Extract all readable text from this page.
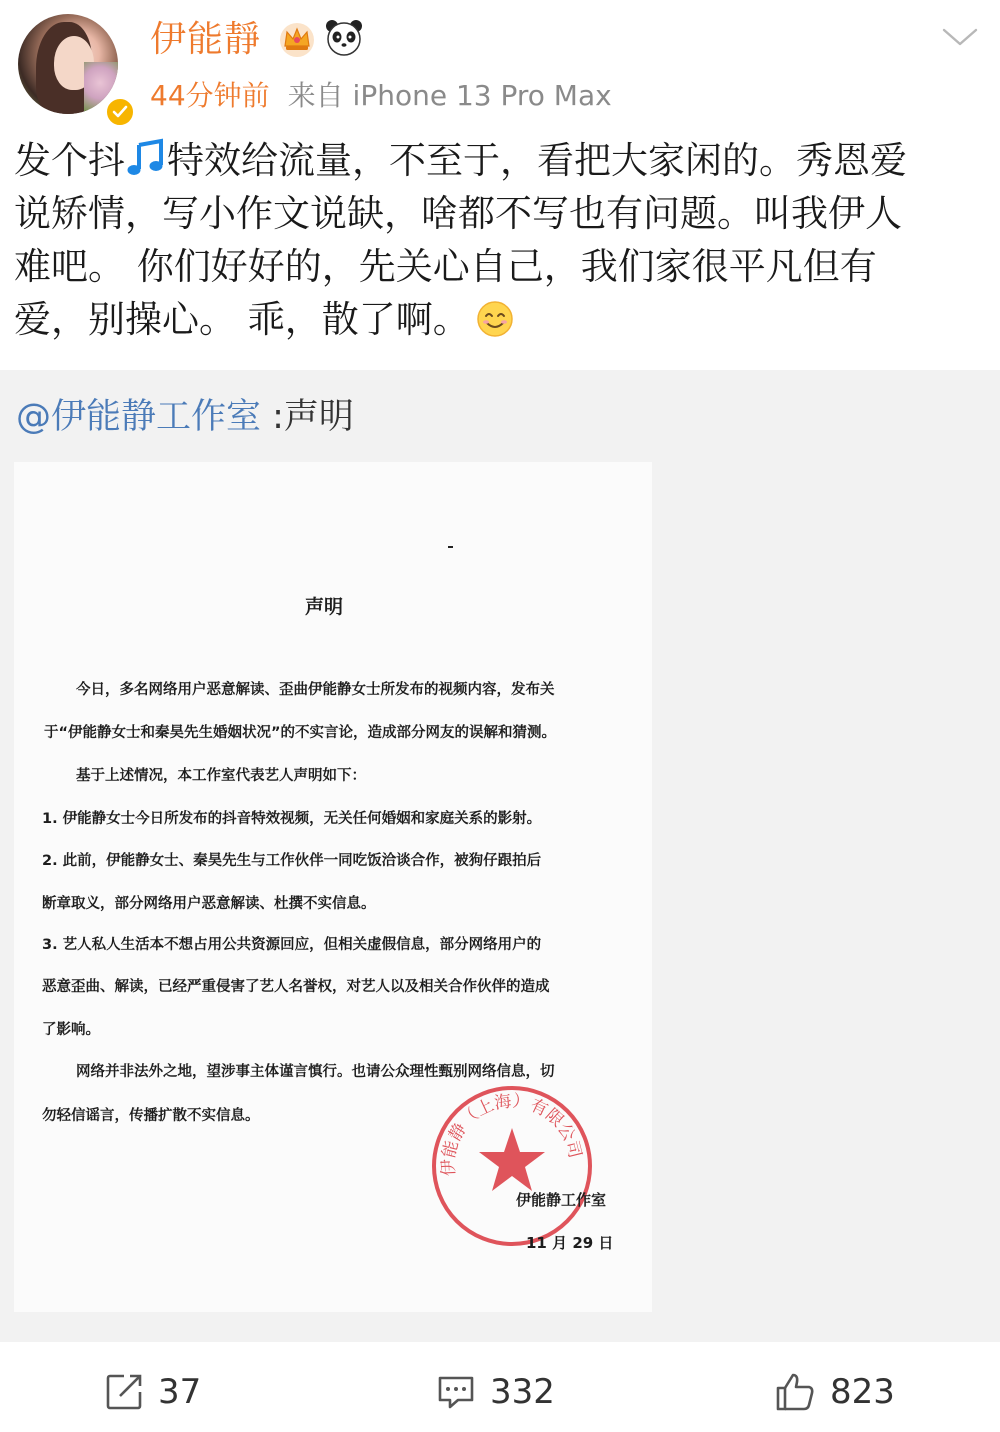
伊能靜
44分钟前 来自 iPhone 13 Pro Max
发个抖 特效给流量，不至于，看把大家闲的。秀恩爱
说矫情，写小作文说缺，啥都不写也有问题。叫我伊人
难吧。 你们好好的，先关心自己，我们家很平凡但有
爱，别操心。 乖，散了啊。
@伊能静工作室 :声明
声明
今日，多名网络用户恶意解读、歪曲伊能静女士所发布的视频内容，发布关
于“伊能静女士和秦昊先生婚姻状况”的不实言论，造成部分网友的误解和猜测。
基于上述情况，本工作室代表艺人声明如下：
1. 伊能静女士今日所发布的抖音特效视频，无关任何婚姻和家庭关系的影射。
2. 此前，伊能静女士、秦昊先生与工作伙伴一同吃饭洽谈合作，被狗仔跟拍后
断章取义，部分网络用户恶意解读、杜撰不实信息。
3. 艺人私人生活本不想占用公共资源回应，但相关虚假信息，部分网络用户的
恶意歪曲、解读，已经严重侵害了艺人名誉权，对艺人以及相关合作伙伴的造成
了影响。
网络并非法外之地，望涉事主体谨言慎行。也请公众理性甄别网络信息，切
勿轻信谣言，传播扩散不实信息。
伊能静（上海）有限公司
伊能静工作室
11 月 29 日
37	332	823
